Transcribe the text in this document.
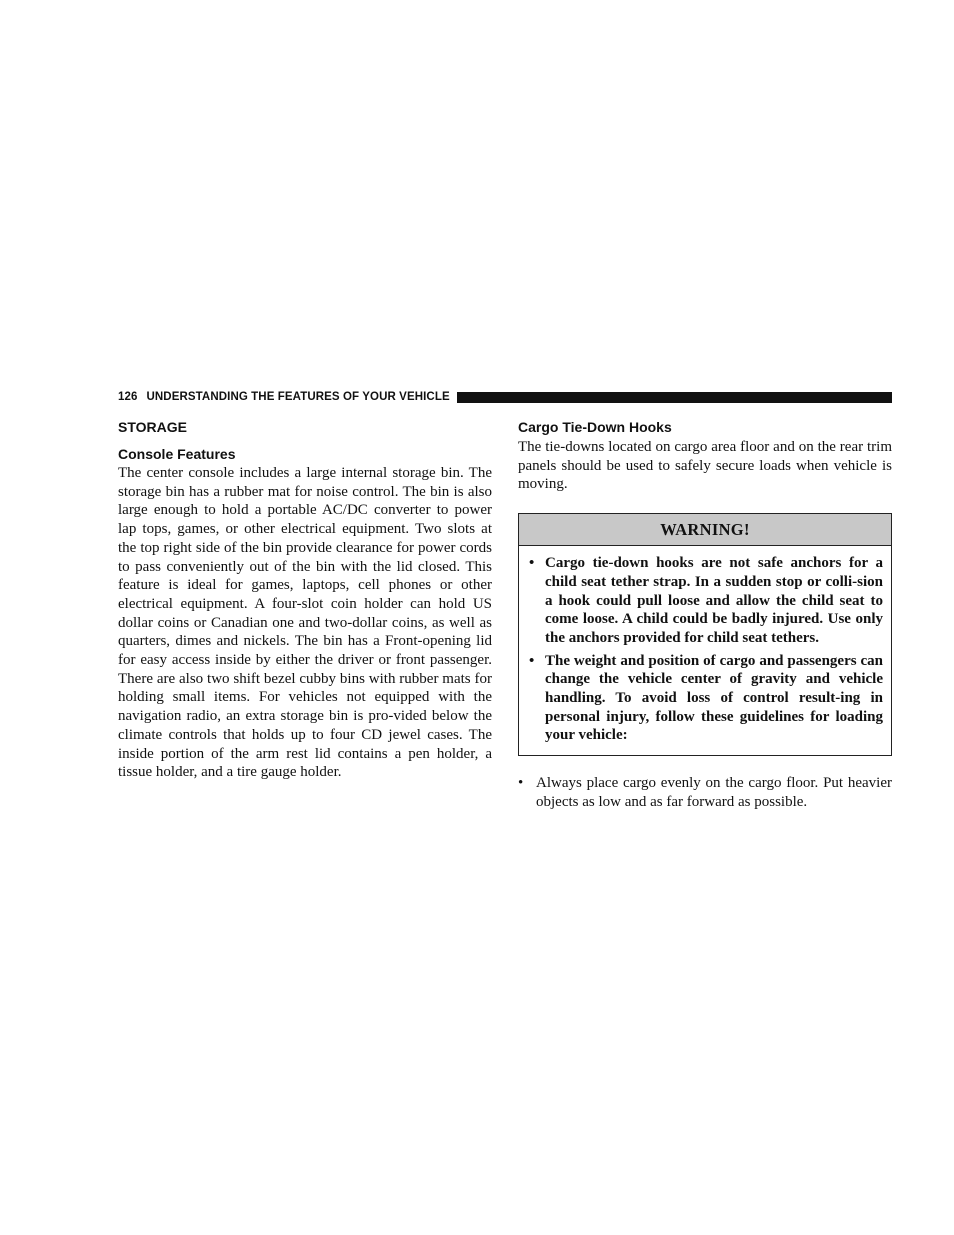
126 UNDERSTANDING THE FEATURES OF YOUR VEHICLE
STORAGE
Console Features

The center console includes a large internal storage bin. The storage bin has a rubber mat for noise control. The bin is also large enough to hold a portable AC/DC converter to power lap tops, games, or other electrical equipment. Two slots at the top right side of the bin provide clearance for power cords to pass conveniently out of the bin with the lid closed. This feature is ideal for games, laptops, cell phones or other electrical equipment. A four-slot coin holder can hold US dollar coins or Canadian one and two-dollar coins, as well as quarters, dimes and nickels. The bin has a Front-opening lid for easy access inside by either the driver or front passenger. There are also two shift bezel cubby bins with rubber mats for holding small items. For vehicles not equipped with the navigation radio, an extra storage bin is pro-vided below the climate controls that holds up to four CD jewel cases. The inside portion of the arm rest lid contains a pen holder, a tissue holder, and a tire gauge holder.

Cargo Tie-Down Hooks

The tie-downs located on cargo area floor and on the rear trim panels should be used to safely secure loads when vehicle is moving.

WARNING!
• Cargo tie-down hooks are not safe anchors for a child seat tether strap. In a sudden stop or colli-sion a hook could pull loose and allow the child seat to come loose. A child could be badly injured. Use only the anchors provided for child seat tethers.
• The weight and position of cargo and passengers can change the vehicle center of gravity and vehicle handling. To avoid loss of control result-ing in personal injury, follow these guidelines for loading your vehicle:
• Always place cargo evenly on the cargo floor. Put heavier objects as low and as far forward as possible.
